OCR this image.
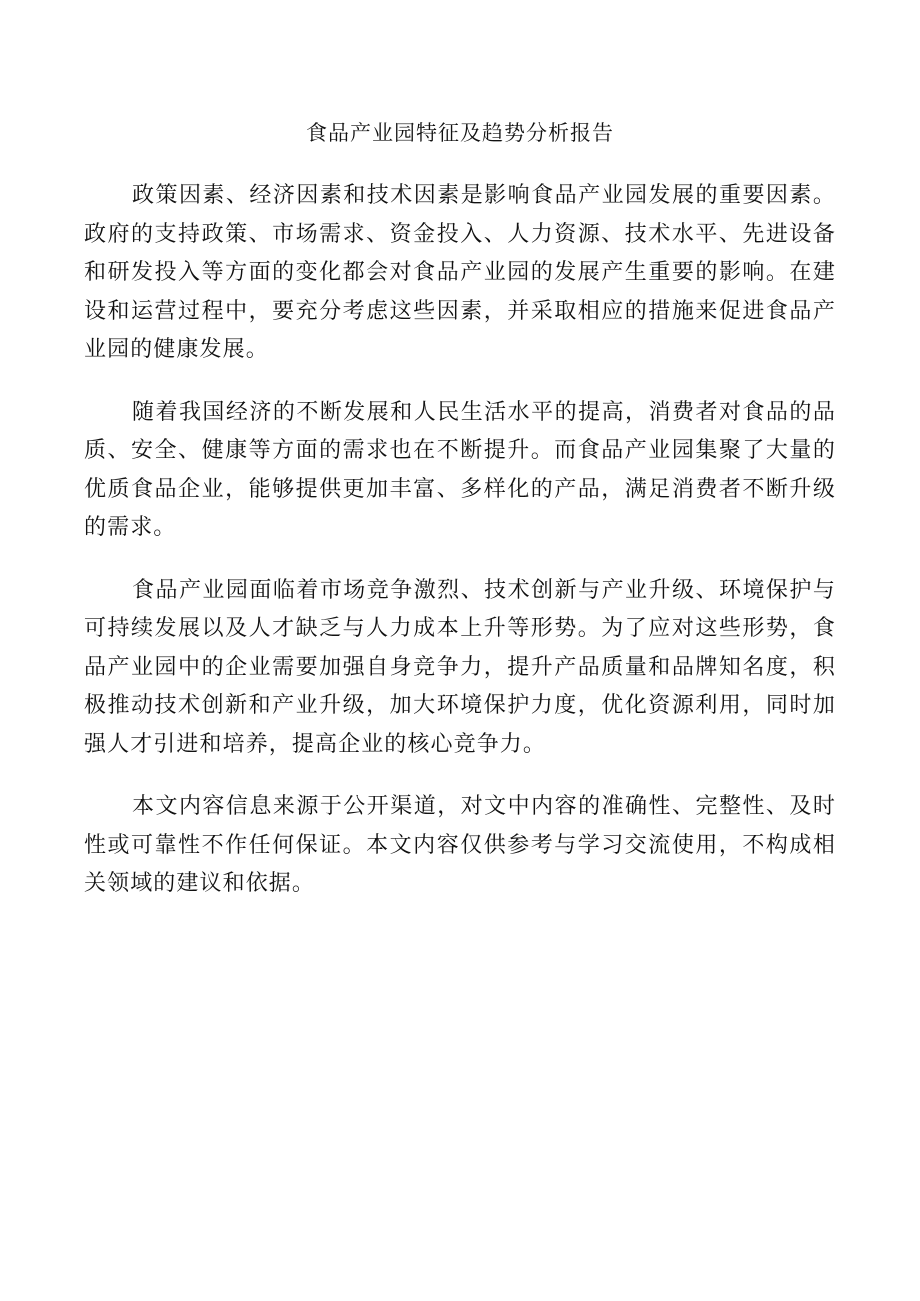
食品产业园特征及趋势分析报告

政策因素、经济因素和技术因素是影响食品产业园发展的重要因素。政府的支持政策、市场需求、资金投入、人力资源、技术水平、先进设备和研发投入等方面的变化都会对食品产业园的发展产生重要的影响。在建设和运营过程中，要充分考虑这些因素，并采取相应的措施来促进食品产业园的健康发展。

随着我国经济的不断发展和人民生活水平的提高，消费者对食品的品质、安全、健康等方面的需求也在不断提升。而食品产业园集聚了大量的优质食品企业，能够提供更加丰富、多样化的产品，满足消费者不断升级的需求。

食品产业园面临着市场竞争激烈、技术创新与产业升级、环境保护与可持续发展以及人才缺乏与人力成本上升等形势。为了应对这些形势，食品产业园中的企业需要加强自身竞争力，提升产品质量和品牌知名度，积极推动技术创新和产业升级，加大环境保护力度，优化资源利用，同时加强人才引进和培养，提高企业的核心竞争力。

本文内容信息来源于公开渠道，对文中内容的准确性、完整性、及时性或可靠性不作任何保证。本文内容仅供参考与学习交流使用，不构成相关领域的建议和依据。
